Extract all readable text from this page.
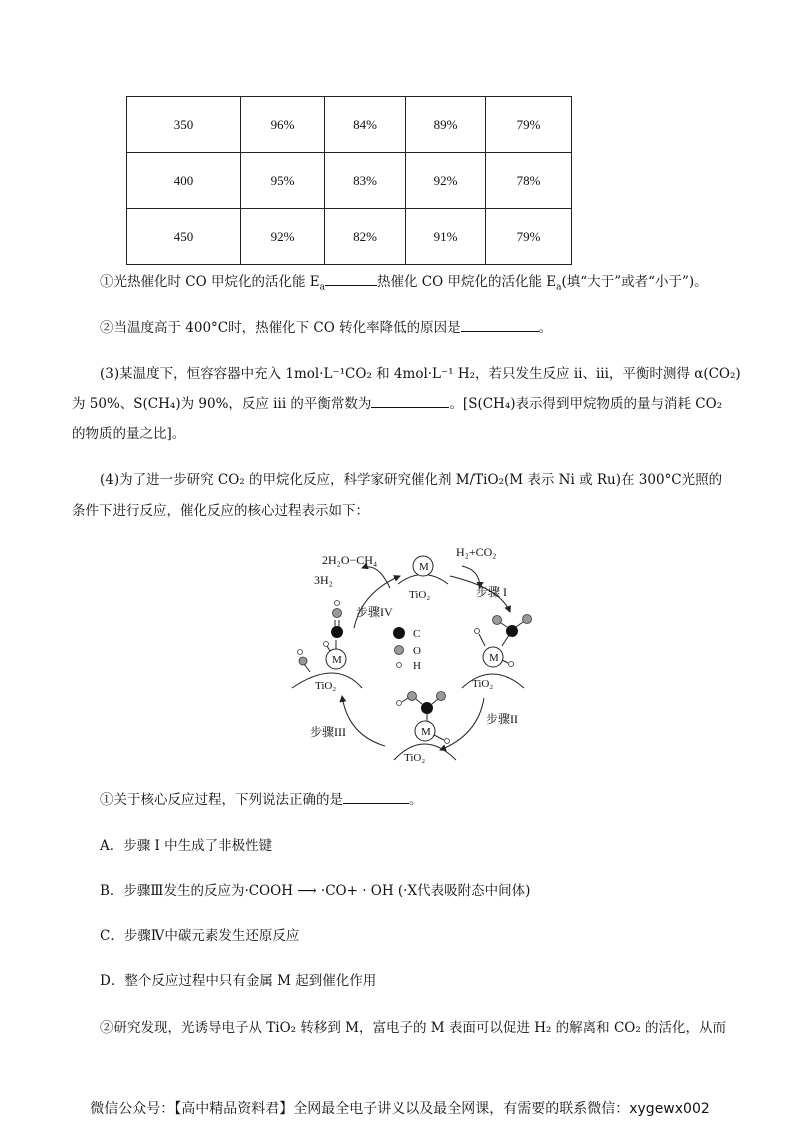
350	96%	84%	89%	79%
400	95%	83%	92%	78%
450	92%	82%	91%	79%
①光热催化时 CO 甲烷化的活化能 $E_a$	热催化 CO 甲烷化的活化能 $E_a$(填“大于”或者“小于”)。
②当温度高于 400°C时，热催化下 CO 转化率降低的原因是	。
(3)某温度下，恒容容器中充入 1mol·L⁻¹CO₂ 和 4mol·L⁻¹ H₂，若只发生反应 ii、iii，平衡时测得 α(CO₂)
为 50%、S(CH₄)为 90%，反应 iii 的平衡常数为	。[S(CH₄)表示得到甲烷物质的量与消耗 CO₂
的物质的量之比]。
(4)为了进一步研究 CO₂ 的甲烷化反应，科学家研究催化剂 M/TiO₂(M 表示 Ni 或 Ru)在 300°C光照的
条件下进行反应，催化反应的核心过程表示如下：
M
TiO₂
M
TiO₂
M
TiO₂
M
TiO₂
C
O
H
2H₂O−CH₄
3H₂
H₂+CO₂
步骤 I
步骤II
步骤III
步骤IV
①关于核心反应过程，下列说法正确的是	。
A．步骤 I 中生成了非极性键
B．步骤Ⅲ发生的反应为·COOH ⟶ ·CO+ · OH (·X代表吸附态中间体)
C．步骤Ⅳ中碳元素发生还原反应
D．整个反应过程中只有金属 M 起到催化作用
②研究发现，光诱导电子从 TiO₂ 转移到 M，富电子的 M 表面可以促进 H₂ 的解离和 CO₂ 的活化，从而
微信公众号：【高中精品资料君】全网最全电子讲义以及最全网课，有需要的联系微信：xygewx002
